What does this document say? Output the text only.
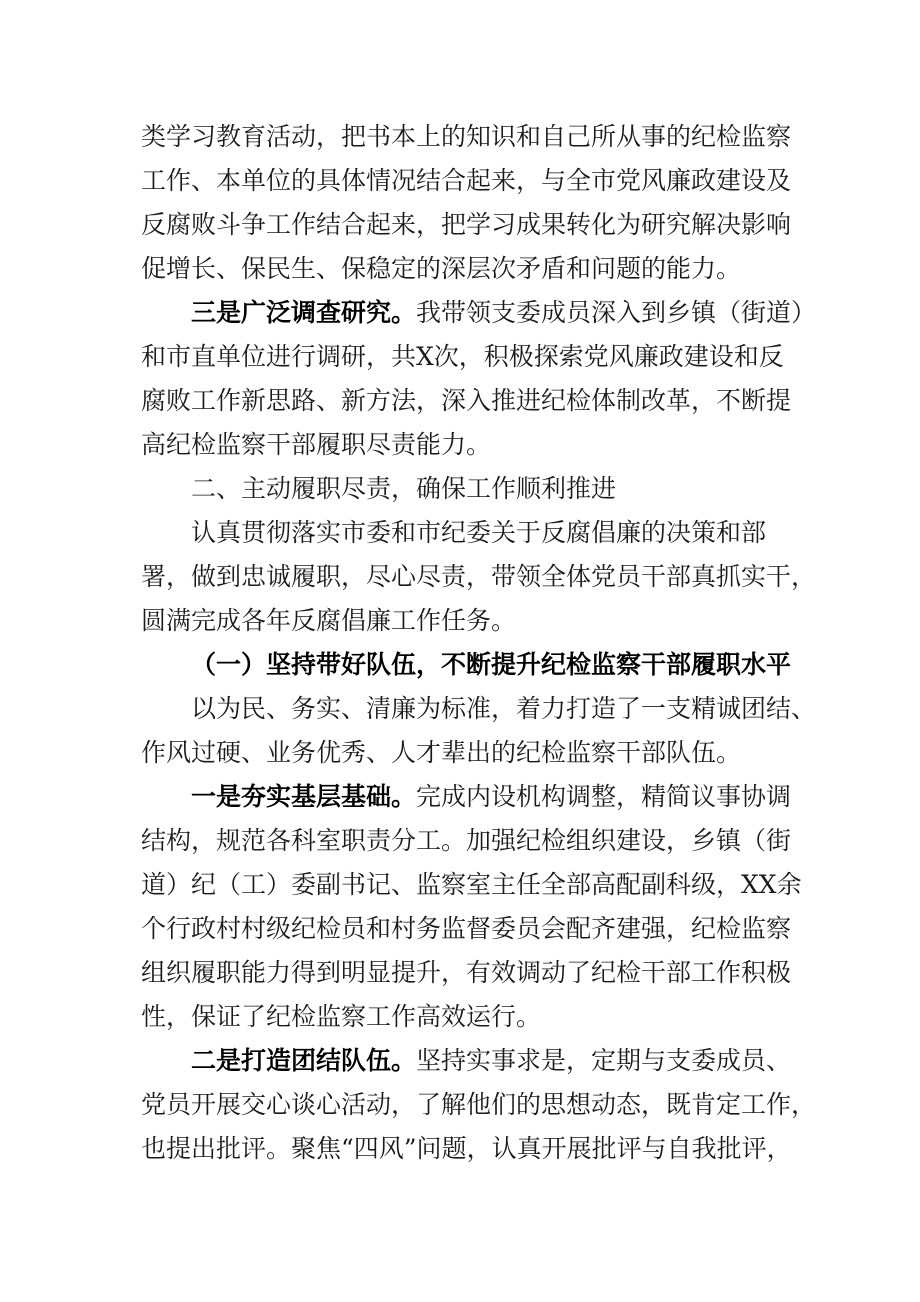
类学习教育活动，把书本上的知识和自己所从事的纪检监察
工作、本单位的具体情况结合起来，与全市党风廉政建设及
反腐败斗争工作结合起来，把学习成果转化为研究解决影响
促增长、保民生、保稳定的深层次矛盾和问题的能力。
三是广泛调查研究。我带领支委成员深入到乡镇（街道）
和市直单位进行调研，共X次，积极探索党风廉政建设和反
腐败工作新思路、新方法，深入推进纪检体制改革，不断提
高纪检监察干部履职尽责能力。
二、主动履职尽责，确保工作顺利推进
认真贯彻落实市委和市纪委关于反腐倡廉的决策和部
署，做到忠诚履职，尽心尽责，带领全体党员干部真抓实干，
圆满完成各年反腐倡廉工作任务。
（一）坚持带好队伍，不断提升纪检监察干部履职水平
以为民、务实、清廉为标准，着力打造了一支精诚团结、
作风过硬、业务优秀、人才辈出的纪检监察干部队伍。
一是夯实基层基础。完成内设机构调整，精简议事协调
结构，规范各科室职责分工。加强纪检组织建设，乡镇（街
道）纪（工）委副书记、监察室主任全部高配副科级，XX余
个行政村村级纪检员和村务监督委员会配齐建强，纪检监察
组织履职能力得到明显提升，有效调动了纪检干部工作积极
性，保证了纪检监察工作高效运行。
二是打造团结队伍。坚持实事求是，定期与支委成员、
党员开展交心谈心活动，了解他们的思想动态，既肯定工作，
也提出批评。聚焦“四风”问题，认真开展批评与自我批评，
